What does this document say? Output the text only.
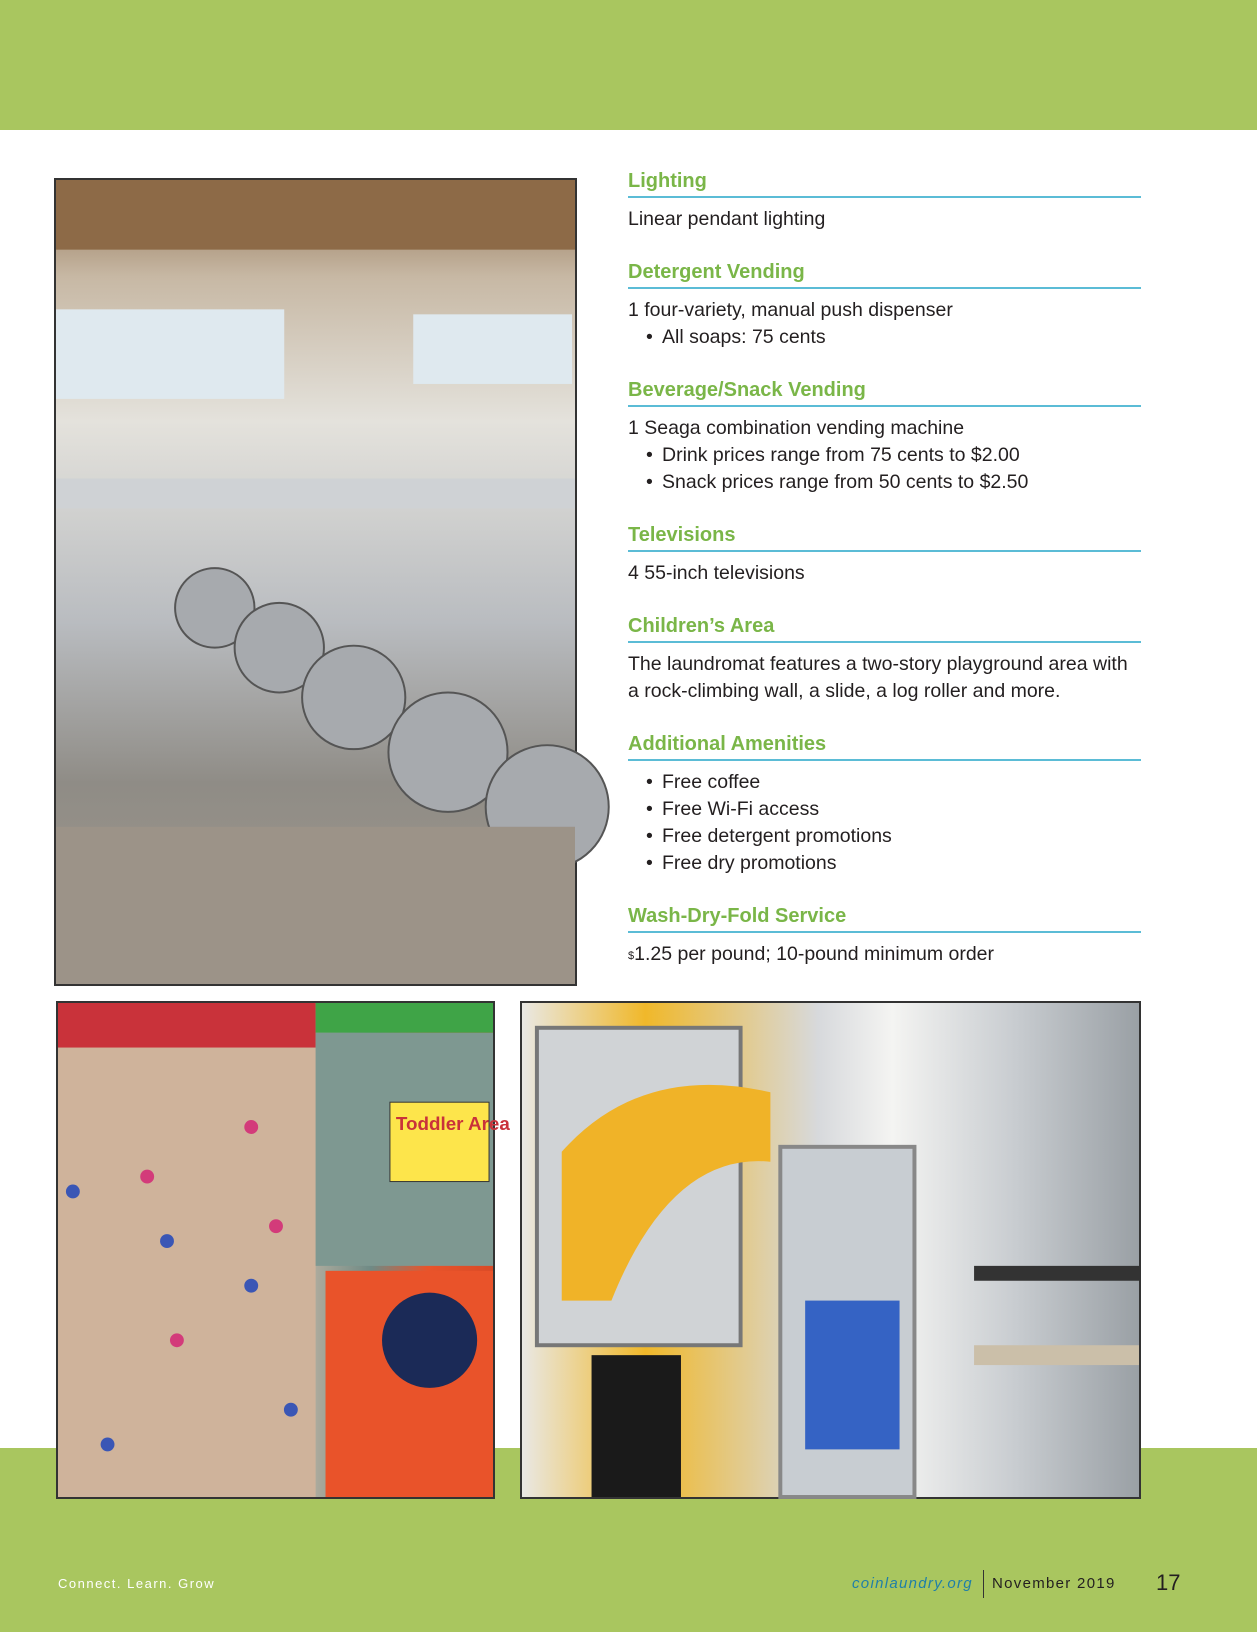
Toddler Area
Lighting

Linear pendant lighting

Detergent Vending

1 four-variety, manual push dispenser

• All soaps: 75 cents
Beverage/Snack Vending

1 Seaga combination vending machine

• Drink prices range from 75 cents to $2.00
• Snack prices range from 50 cents to $2.50
Televisions

4 55-inch televisions

Children’s Area

The laundromat features a two-story playground area with a rock-climbing wall, a slide, a log roller and more.

Additional Amenities
• Free coffee
• Free Wi-Fi access
• Free detergent promotions
• Free dry promotions
Wash-Dry-Fold Service

$1.25 per pound; 10-pound minimum order

Connect. Learn. Grow	coinlaundry.org November 2019 17
